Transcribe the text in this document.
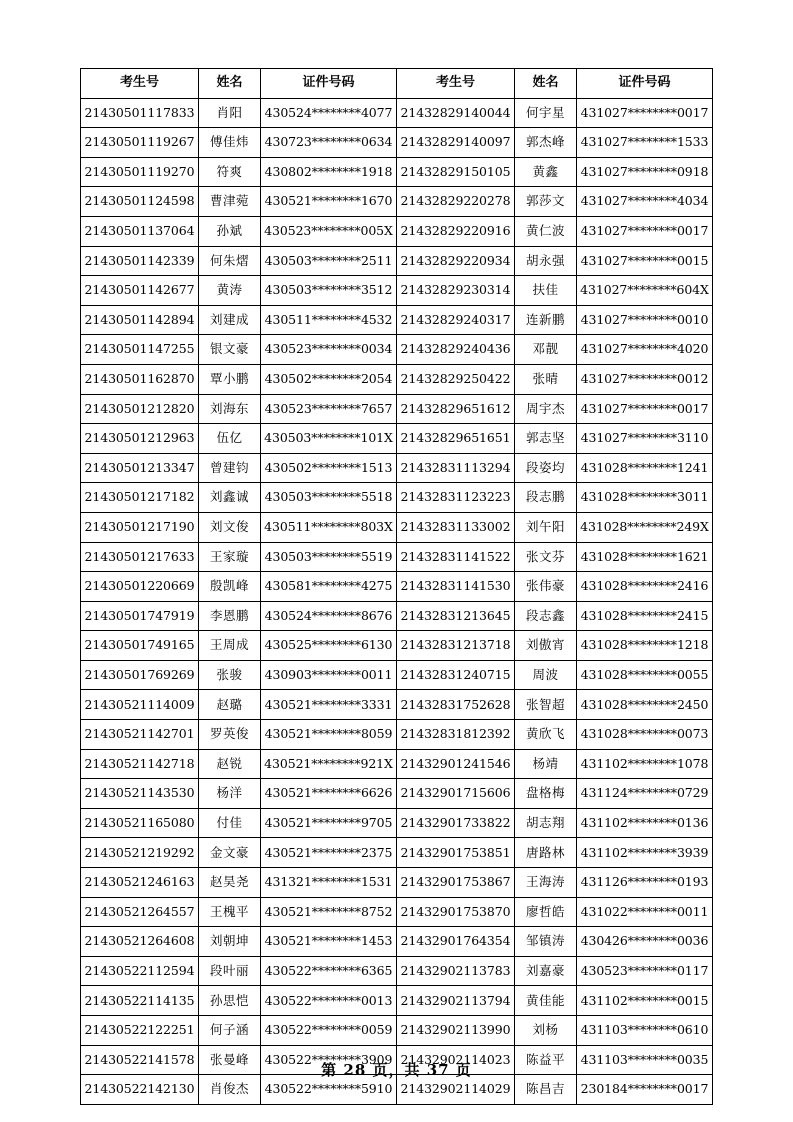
考生号	姓名	证件号码	考生号	姓名	证件号码
21430501117833	肖阳	430524********4077	21432829140044	何宇星	431027********0017
21430501119267	傅佳炜	430723********0634	21432829140097	郭杰峰	431027********1533
21430501119270	符爽	430802********1918	21432829150105	黄鑫	431027********0918
21430501124598	曹津菀	430521********1670	21432829220278	郭莎文	431027********4034
21430501137064	孙斌	430523********005X	21432829220916	黄仁波	431027********0017
21430501142339	何朱熠	430503********2511	21432829220934	胡永强	431027********0015
21430501142677	黄涛	430503********3512	21432829230314	扶佳	431027********604X
21430501142894	刘建成	430511********4532	21432829240317	连新鹏	431027********0010
21430501147255	银文豪	430523********0034	21432829240436	邓靓	431027********4020
21430501162870	覃小鹏	430502********2054	21432829250422	张晴	431027********0012
21430501212820	刘海东	430523********7657	21432829651612	周宇杰	431027********0017
21430501212963	伍亿	430503********101X	21432829651651	郭志坚	431027********3110
21430501213347	曾建钧	430502********1513	21432831113294	段姿均	431028********1241
21430501217182	刘鑫诚	430503********5518	21432831123223	段志鹏	431028********3011
21430501217190	刘文俊	430511********803X	21432831133002	刘午阳	431028********249X
21430501217633	王家璇	430503********5519	21432831141522	张文芬	431028********1621
21430501220669	殷凯峰	430581********4275	21432831141530	张伟豪	431028********2416
21430501747919	李恩鹏	430524********8676	21432831213645	段志鑫	431028********2415
21430501749165	王周成	430525********6130	21432831213718	刘傲宵	431028********1218
21430501769269	张骏	430903********0011	21432831240715	周波	431028********0055
21430521114009	赵璐	430521********3331	21432831752628	张智超	431028********2450
21430521142701	罗英俊	430521********8059	21432831812392	黄欣飞	431028********0073
21430521142718	赵锐	430521********921X	21432901241546	杨靖	431102********1078
21430521143530	杨洋	430521********6626	21432901715606	盘格梅	431124********0729
21430521165080	付佳	430521********9705	21432901733822	胡志翔	431102********0136
21430521219292	金文豪	430521********2375	21432901753851	唐路林	431102********3939
21430521246163	赵昊尧	431321********1531	21432901753867	王海涛	431126********0193
21430521264557	王槐平	430521********8752	21432901753870	廖哲皓	431022********0011
21430521264608	刘朝坤	430521********1453	21432901764354	邹镇涛	430426********0036
21430522112594	段叶丽	430522********6365	21432902113783	刘嘉豪	430523********0117
21430522114135	孙思恺	430522********0013	21432902113794	黄佳能	431102********0015
21430522122251	何子涵	430522********0059	21432902113990	刘杨	431103********0610
21430522141578	张曼峰	430522********3909	21432902114023	陈益平	431103********0035
21430522142130	肖俊杰	430522********5910	21432902114029	陈昌吉	230184********0017
第 28 页，共 37 页
